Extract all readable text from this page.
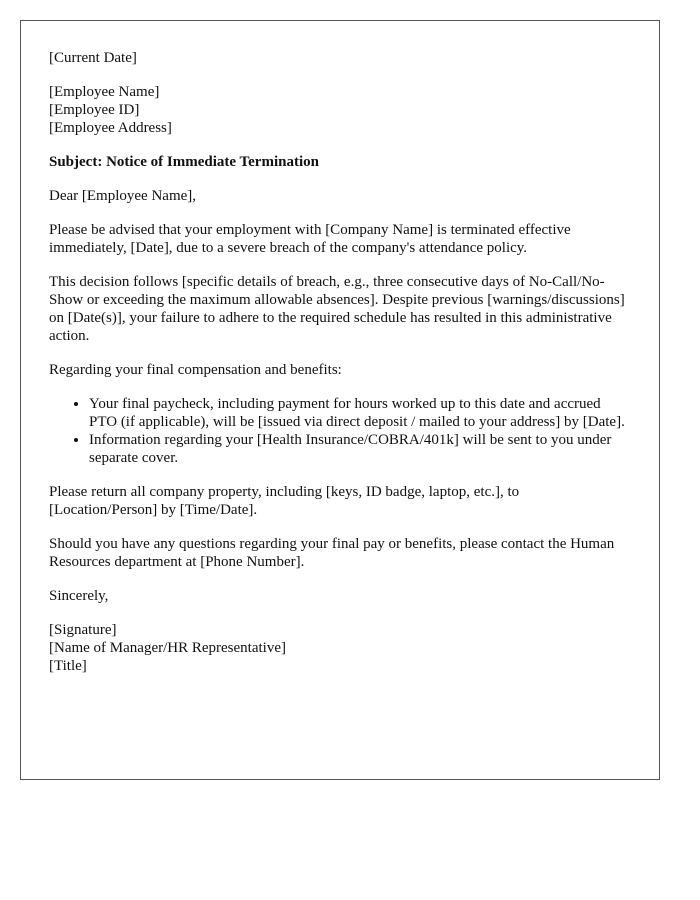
[Current Date]

[Employee Name]

[Employee ID]

[Employee Address]

Subject: Notice of Immediate Termination

Dear [Employee Name],

Please be advised that your employment with [Company Name] is terminated effective immediately, [Date], due to a severe breach of the company's attendance policy.

This decision follows [specific details of breach, e.g., three consecutive days of No-Call/No-Show or exceeding the maximum allowable absences]. Despite previous [warnings/discussions] on [Date(s)], your failure to adhere to the required schedule has resulted in this administrative action.

Regarding your final compensation and benefits:

• Your final paycheck, including payment for hours worked up to this date and accrued PTO (if applicable), will be [issued via direct deposit / mailed to your address] by [Date].
• Information regarding your [Health Insurance/COBRA/401k] will be sent to you under separate cover.

Please return all company property, including [keys, ID badge, laptop, etc.], to [Location/Person] by [Time/Date].

Should you have any questions regarding your final pay or benefits, please contact the Human Resources department at [Phone Number].

Sincerely,

[Signature]

[Name of Manager/HR Representative]

[Title]
